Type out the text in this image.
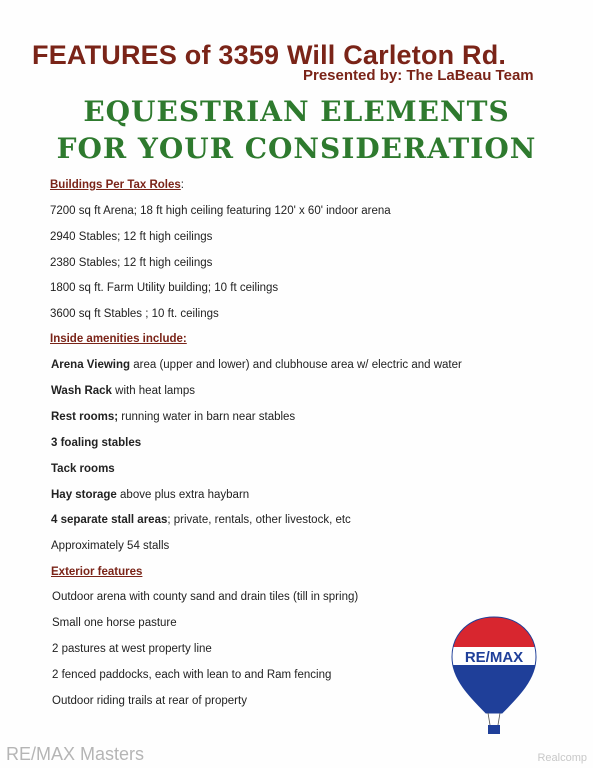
FEATURES of 3359 Will Carleton Rd.
Presented by: The LaBeau Team
EQUESTRIAN ELEMENTS
FOR YOUR CONSIDERATION
Buildings Per Tax Roles:
7200 sq ft Arena; 18 ft high ceiling featuring 120' x 60' indoor arena
2940 Stables; 12 ft high ceilings
2380 Stables; 12 ft high ceilings
1800 sq ft. Farm Utility building; 10 ft ceilings
3600 sq ft Stables ; 10 ft. ceilings
Inside amenities include:
Arena Viewing area (upper and lower) and clubhouse area w/ electric and water
Wash Rack with heat lamps
Rest rooms; running water in barn near stables
3 foaling stables
Tack rooms
Hay storage above plus extra haybarn
4 separate stall areas; private, rentals, other livestock, etc
Approximately 54 stalls
Exterior features
Outdoor arena with county sand and drain tiles (till in spring)
Small one horse pasture
2 pastures at west property line
2 fenced paddocks, each with lean to and Ram fencing
Outdoor riding trails at rear of property
RE/MAX
RE/MAX Masters	Realcomp
